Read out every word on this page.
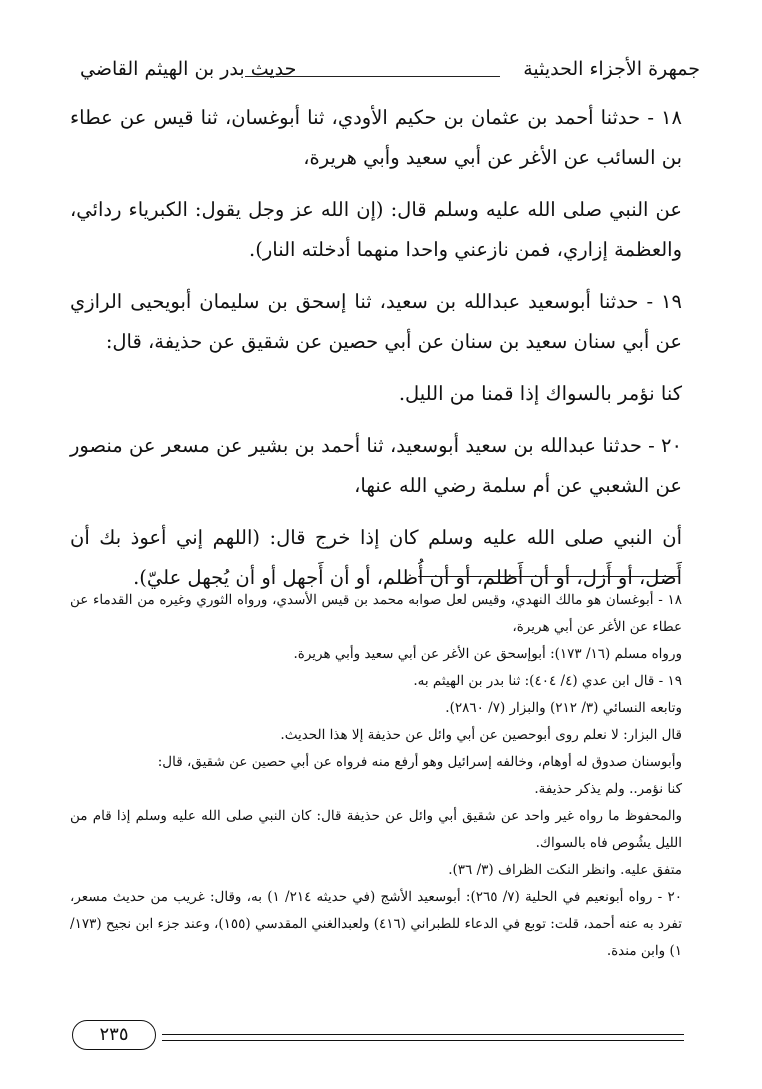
جمهرة الأجزاء الحديثية
حديث بدر بن الهيثم القاضي

١٨ - حدثنا أحمد بن عثمان بن حكيم الأودي، ثنا أبوغسان، ثنا قيس عن عطاء بن السائب عن الأغر عن أبي سعيد وأبي هريرة،

عن النبي صلى الله عليه وسلم قال: (إن الله عز وجل يقول: الكبرياء ردائي، والعظمة إزاري، فمن نازعني واحدا منهما أدخلته النار).

١٩ - حدثنا أبوسعيد عبدالله بن سعيد، ثنا إسحق بن سليمان أبويحيى الرازي عن أبي سنان سعيد بن سنان عن أبي حصين عن شقيق عن حذيفة، قال:

كنا نؤمر بالسواك إذا قمنا من الليل.

٢٠ - حدثنا عبدالله بن سعيد أبوسعيد، ثنا أحمد بن بشير عن مسعر عن منصور عن الشعبي عن أم سلمة رضي الله عنها،

أن النبي صلى الله عليه وسلم كان إذا خرج قال: (اللهم إني أعوذ بك أن أَضل، أو أَزل، أو أن أَظلم، أو أن أُظلم، أو أن أَجهل أو أن يُجهل عليّ).

١٨ - أبوغسان هو مالك النهدي، وقيس لعل صوابه محمد بن قيس الأسدي، ورواه الثوري وغيره من القدماء عن عطاء عن الأغر عن أبي هريرة،

ورواه مسلم (١٦/ ١٧٣): أبوإسحق عن الأغر عن أبي سعيد وأبي هريرة.

١٩ - قال ابن عدي (٤/ ٤٠٤): ثنا بدر بن الهيثم به.

وتابعه النسائي (٣/ ٢١٢) والبزار (٧/ ٢٨٦٠).

قال البزار: لا نعلم روى أبوحصين عن أبي وائل عن حذيفة إلا هذا الحديث.

وأبوسنان صدوق له أوهام، وخالفه إسرائيل وهو أرفع منه فرواه عن أبي حصين عن شقيق، قال:

كنا نؤمر.. ولم يذكر حذيفة.

والمحفوظ ما رواه غير واحد عن شقيق أبي وائل عن حذيفة قال: كان النبي صلى الله عليه وسلم إذا قام من الليل يشُوص فاه بالسواك.

متفق عليه. وانظر النكت الظراف (٣/ ٣٦).

٢٠ - رواه أبونعيم في الحلية (٧/ ٢٦٥): أبوسعيد الأشج (في حديثه ٢١٤/ ١) به، وقال: غريب من حديث مسعر، تفرد به عنه أحمد، قلت: توبع في الدعاء للطبراني (٤١٦) ولعبدالغني المقدسي (١٥٥)، وعند جزء ابن نجيح (١٧٣/ ١) وابن مندة.

٢٣٥
